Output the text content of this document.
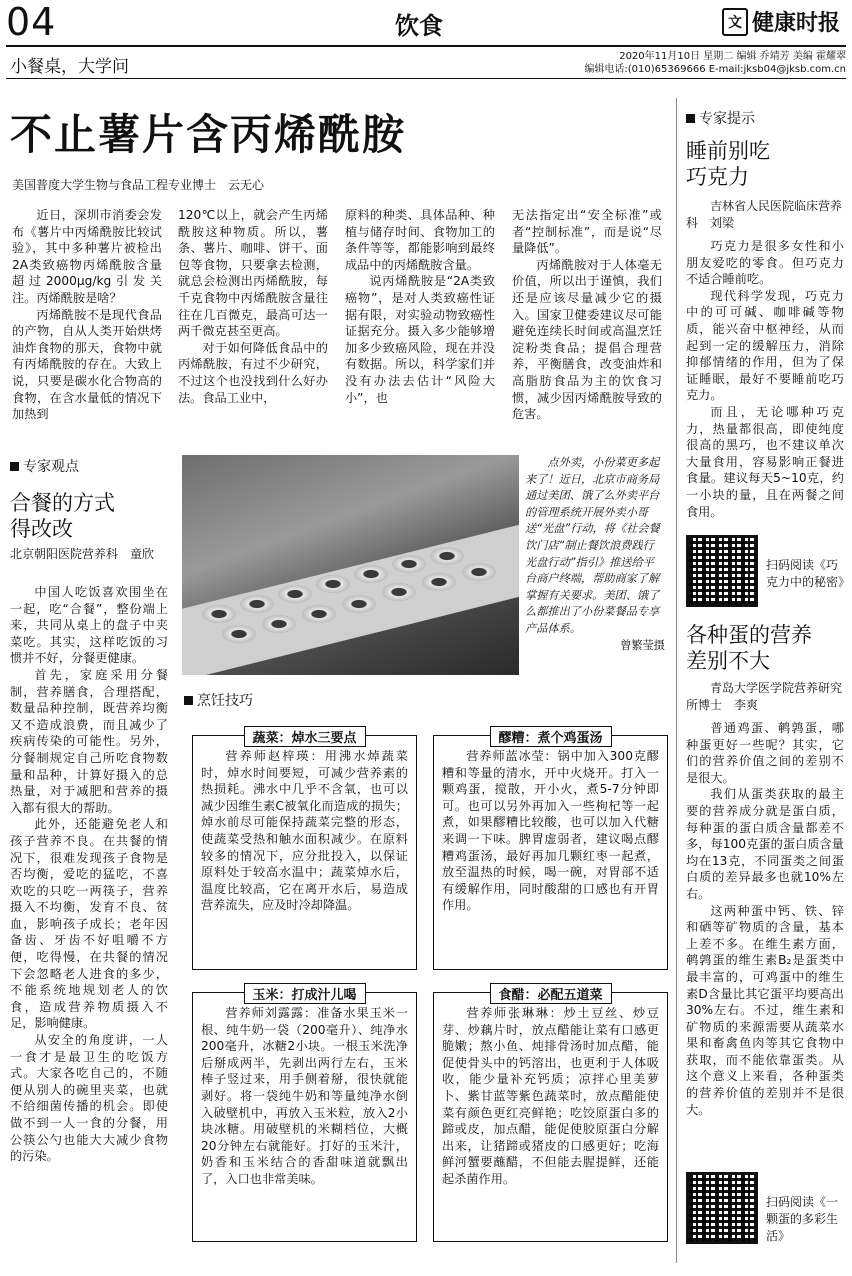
04	饮食	文 健康时报
小餐桌，大学问
2020年11月10日 星期二 编辑 乔靖芳 美编 霍耀翠
编辑电话:(010)65369666 E-mail:jksb04@jksb.com.cn
不止薯片含丙烯酰胺
美国普度大学生物与食品工程专业博士　云无心

近日，深圳市消委会发布《薯片中丙烯酰胺比较试验》，其中多种薯片被检出2A类致癌物丙烯酰胺含量超过2000μg/kg引发关注。丙烯酰胺是啥？

丙烯酰胺不是现代食品的产物，自从人类开始烘烤油炸食物的那天，食物中就有丙烯酰胺的存在。大致上说，只要是碳水化合物高的食物，在含水量低的情况下加热到

120℃以上，就会产生丙烯酰胺这种物质。所以，薯条、薯片、咖啡、饼干、面包等食物，只要拿去检测，就总会检测出丙烯酰胺，每千克食物中丙烯酰胺含量往往在几百微克，最高可达一两千微克甚至更高。

对于如何降低食品中的丙烯酰胺，有过不少研究，不过这个也没找到什么好办法。食品工业中，

原料的种类、具体品种、种植与储存时间、食物加工的条件等等，都能影响到最终成品中的丙烯酰胺含量。

说丙烯酰胺是“2A类致癌物”，是对人类致癌性证据有限，对实验动物致癌性证据充分。摄入多少能够增加多少致癌风险，现在并没有数据。所以，科学家们并没有办法去估计“风险大小”，也

无法指定出“安全标准”或者“控制标准”，而是说“尽量降低”。

丙烯酰胺对于人体毫无价值，所以出于谨慎，我们还是应该尽量减少它的摄入。国家卫健委建议尽可能避免连续长时间或高温烹饪淀粉类食品；提倡合理营养，平衡膳食，改变油炸和高脂肪食品为主的饮食习惯，减少因丙烯酰胺导致的危害。

专家观点
合餐的方式
得改改
北京朝阳医院营养科　童欣

中国人吃饭喜欢围坐在一起，吃“合餐”，整份端上来，共同从桌上的盘子中夹菜吃。其实，这样吃饭的习惯并不好，分餐更健康。

首先，家庭采用分餐制，营养膳食，合理搭配，数量品种控制，既营养均衡又不造成浪费，而且减少了疾病传染的可能性。另外，分餐制规定自己所吃食物数量和品种，计算好摄入的总热量，对于减肥和营养的摄入都有很大的帮助。

此外，还能避免老人和孩子营养不良。在共餐的情况下，很难发现孩子食物是否均衡，爱吃的猛吃，不喜欢吃的只吃一两筷子，营养摄入不均衡，发育不良、贫血，影响孩子成长；老年因备齿、牙齿不好咀嚼不方便，吃得慢，在共餐的情况下会忽略老人进食的多少，不能系统地规划老人的饮食，造成营养物质摄入不足，影响健康。

从安全的角度讲，一人一食才是最卫生的吃饭方式。大家各吃自己的，不随便从别人的碗里夹菜，也就不给细菌传播的机会。即使做不到一人一食的分餐，用公筷公勺也能大大减少食物的污染。

点外卖，小份菜更多起来了！近日，北京市商务局通过美团、饿了么外卖平台的管理系统开展外卖小哥送“光盘”行动，将《社会餐饮门店“制止餐饮浪费践行光盘行动”指引》推送给平台商户终端，帮助商家了解掌握有关要求。美团、饿了么都推出了小份菜餐品专享产品体系。
曾繁莹摄
烹饪技巧
蔬菜：焯水三要点

营养师赵梓瑛：用沸水焯蔬菜时，焯水时间要短，可减少营养素的热损耗。沸水中几乎不含氧，也可以减少因维生素C被氧化而造成的损失；焯水前尽可能保持蔬菜完整的形态，使蔬菜受热和触水面积减少。在原料较多的情况下，应分批投入，以保证原料处于较高水温中；蔬菜焯水后，温度比较高，它在离开水后，易造成营养流失，应及时冷却降温。

醪糟：煮个鸡蛋汤

营养师蓝冰莹：锅中加入300克醪糟和等量的清水，开中火烧开。打入一颗鸡蛋，搅散，开小火，煮5-7分钟即可。也可以另外再加入一些枸杞等一起煮，如果醪糟比较酸，也可以加入代糖来调一下味。脾胃虚弱者，建议喝点醪糟鸡蛋汤，最好再加几颗红枣一起煮，放至温热的时候，喝一碗，对胃部不适有缓解作用，同时酸甜的口感也有开胃作用。

玉米：打成汁儿喝

营养师刘露露：准备水果玉米一根、纯牛奶一袋（200毫升）、纯净水200毫升，冰糖2小块。一根玉米洗净后掰成两半，先剥出两行左右，玉米棒子竖过来，用手侧着掰，很快就能剥好。将一袋纯牛奶和等量纯净水倒入破壁机中，再放入玉米粒，放入2小块冰糖。用破壁机的米糊档位，大概20分钟左右就能好。打好的玉米汁，奶香和玉米结合的香甜味道就飘出了，入口也非常美味。

食醋：必配五道菜

营养师张琳琳：炒土豆丝、炒豆芽、炒藕片时，放点醋能让菜有口感更脆嫩；熬小鱼、炖排骨汤时加点醋，能促使骨头中的钙溶出，也更利于人体吸收，能少量补充钙质；凉拌心里美萝卜、紫甘蓝等紫色蔬菜时，放点醋能使菜有颜色更红亮鲜艳；吃饺原蛋白多的蹄或皮，加点醋，能促使胶原蛋白分解出来，让猪蹄或猪皮的口感更好；吃海鲜河蟹要蘸醋，不但能去腥提鲜，还能起杀菌作用。

专家提示
睡前别吃
巧克力
吉林省人民医院临床营养科　刘梁

巧克力是很多女性和小朋友爱吃的零食。但巧克力不适合睡前吃。

现代科学发现，巧克力中的可可碱、咖啡碱等物质，能兴奋中枢神经，从而起到一定的缓解压力，消除抑郁情绪的作用，但为了保证睡眠，最好不要睡前吃巧克力。

而且，无论哪种巧克力，热量都很高，即使纯度很高的黑巧，也不建议单次大量食用，容易影响正餐进食量。建议每天5~10克，约一小块的量，且在两餐之间食用。

扫码阅读《巧克力中的秘密》
各种蛋的营养
差别不大
青岛大学医学院营养研究所博士　李爽

普通鸡蛋、鹌鹑蛋，哪种蛋更好一些呢？其实，它们的营养价值之间的差别不是很大。

我们从蛋类获取的最主要的营养成分就是蛋白质，每种蛋的蛋白质含量都差不多，每100克蛋的蛋白质含量均在13克，不同蛋类之间蛋白质的差异最多也就10%左右。

这两种蛋中钙、铁、锌和硒等矿物质的含量，基本上差不多。在维生素方面，鹌鹑蛋的维生素B₂是蛋类中最丰富的，可鸡蛋中的维生素D含量比其它蛋平均要高出30%左右。不过，维生素和矿物质的来源需要从蔬菜水果和畜禽鱼肉等其它食物中获取，而不能依靠蛋类。从这个意义上来看，各种蛋类的营养价值的差别并不是很大。

扫码阅读《一颗蛋的多彩生活》
